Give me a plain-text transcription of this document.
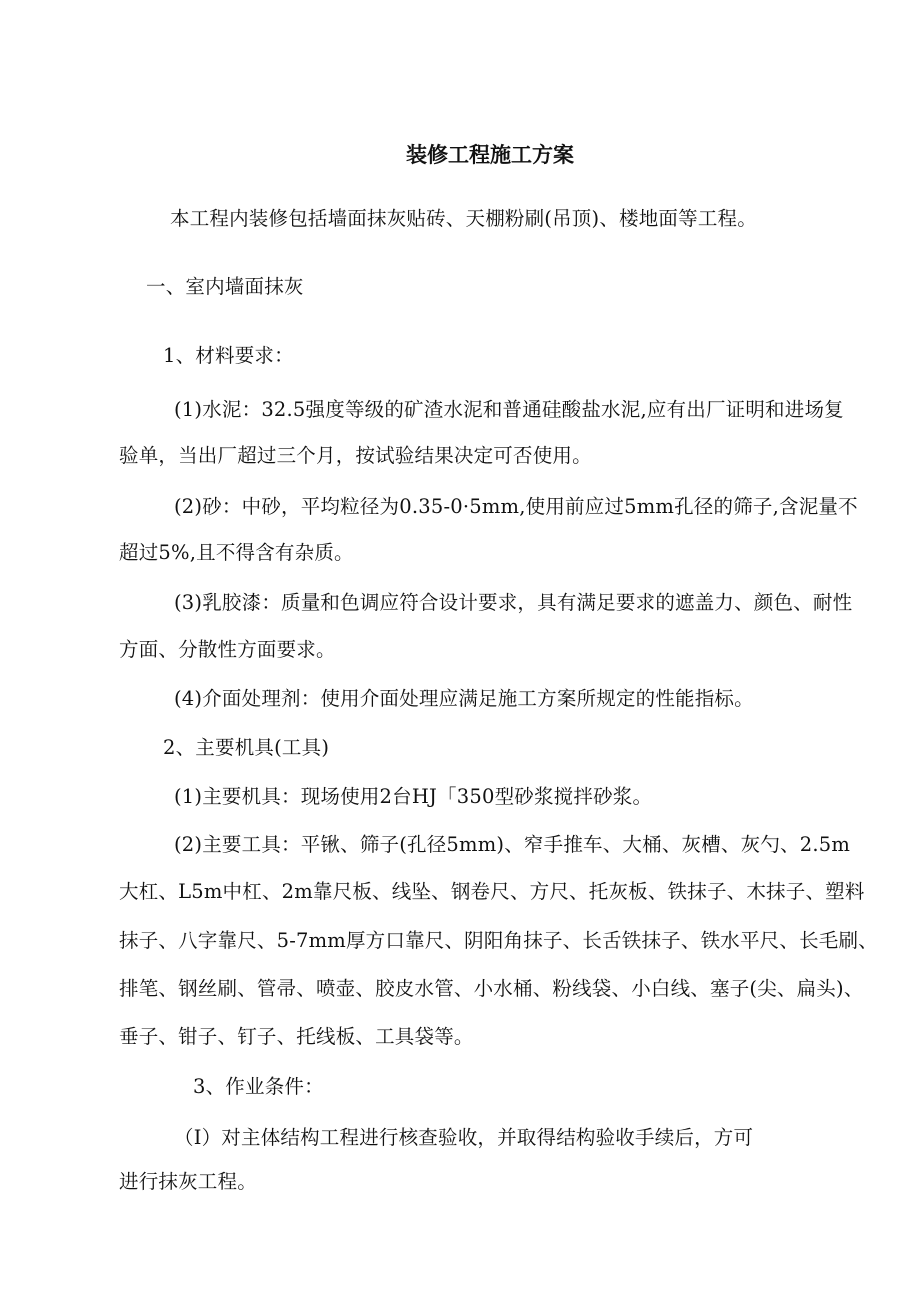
装修工程施工方案
本工程内装修包括墙面抹灰贴砖、天棚粉刷(吊顶)、楼地面等工程。
一、室内墙面抹灰
1、材料要求：
(1)水泥：32.5强度等级的矿渣水泥和普通硅酸盐水泥,应有出厂证明和进场复
验单，当出厂超过三个月，按试验结果决定可否使用。
(2)砂：中砂，平均粒径为0.35-0·5mm,使用前应过5mm孔径的筛子,含泥量不
超过5%,且不得含有杂质。
(3)乳胶漆：质量和色调应符合设计要求，具有满足要求的遮盖力、颜色、耐性
方面、分散性方面要求。
(4)介面处理剂：使用介面处理应满足施工方案所规定的性能指标。
2、主要机具(工具)
(1)主要机具：现场使用2台HJ「350型砂浆搅拌砂浆。
(2)主要工具：平锹、筛子(孔径5mm)、窄手推车、大桶、灰槽、灰勺、2.5m
大杠、L5m中杠、2m靠尺板、线坠、钢卷尺、方尺、托灰板、铁抹子、木抹子、塑料
抹子、八字靠尺、5-7mm厚方口靠尺、阴阳角抹子、长舌铁抹子、铁水平尺、长毛刷、
排笔、钢丝刷、管帚、喷壶、胶皮水管、小水桶、粉线袋、小白线、塞子(尖、扁头)、
垂子、钳子、钉子、托线板、工具袋等。
3、作业条件：
（I）对主体结构工程进行核查验收，并取得结构验收手续后，方可
进行抹灰工程。
